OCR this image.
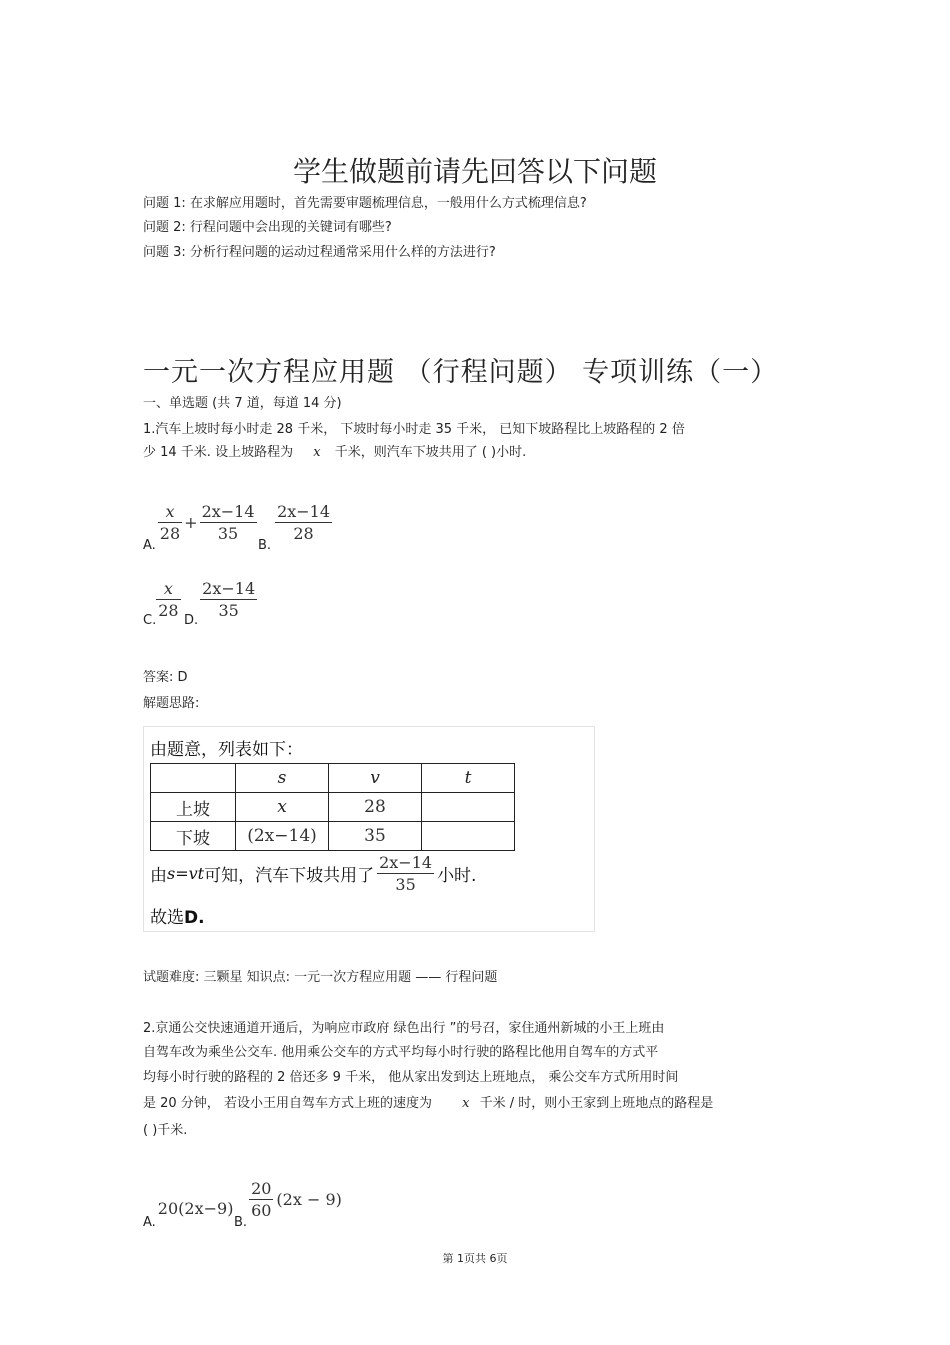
学生做题前请先回答以下问题
问题 1: 在求解应用题时，首先需要审题梳理信息，一般用什么方式梳理信息?
问题 2: 行程问题中会出现的关键词有哪些?
问题 3: 分析行程问题的运动过程通常采用什么样的方法进行?
一元一次方程应用题 （行程问题） 专项训练（一）
一、单选题 (共 7 道，每道 14 分)
1.汽车上坡时每小时走 28 千米， 下坡时每小时走 35 千米， 已知下坡路程比上坡路程的 2 倍
少 14 千米. 设上坡路程为 x 千米，则汽车下坡共用了 ( )小时.
A.
$\frac{x}{28} + \frac{2x-14}{35}$
B.
$\frac{2x-14}{28}$
C.
$\frac{x}{28}$
D.
$\frac{2x-14}{35}$
答案: D
解题思路:
由题意，列表如下：
	s	v	t
上坡	x	28	
下坡	(2x−14)	35	
由 s=vt 可知，汽车下坡共用了 $\frac{2x-14}{35}$ 小时.
故选D.
试题难度: 三颗星 知识点: 一元一次方程应用题 —— 行程问题
2.京通公交快速通道开通后，为响应市政府 绿色出行 ”的号召，家住通州新城的小王上班由
自驾车改为乘坐公交车. 他用乘公交车的方式平均每小时行驶的路程比他用自驾车的方式平
均每小时行驶的路程的 2 倍还多 9 千米， 他从家出发到达上班地点， 乘公交车方式所用时间
是 20 分钟， 若设小王用自驾车方式上班的速度为 x 千米 / 时，则小王家到上班地点的路程是
( )千米.
A.
20(2x−9)
B.
$\frac{20}{60} (2x - 9)$
第 1页共 6页
